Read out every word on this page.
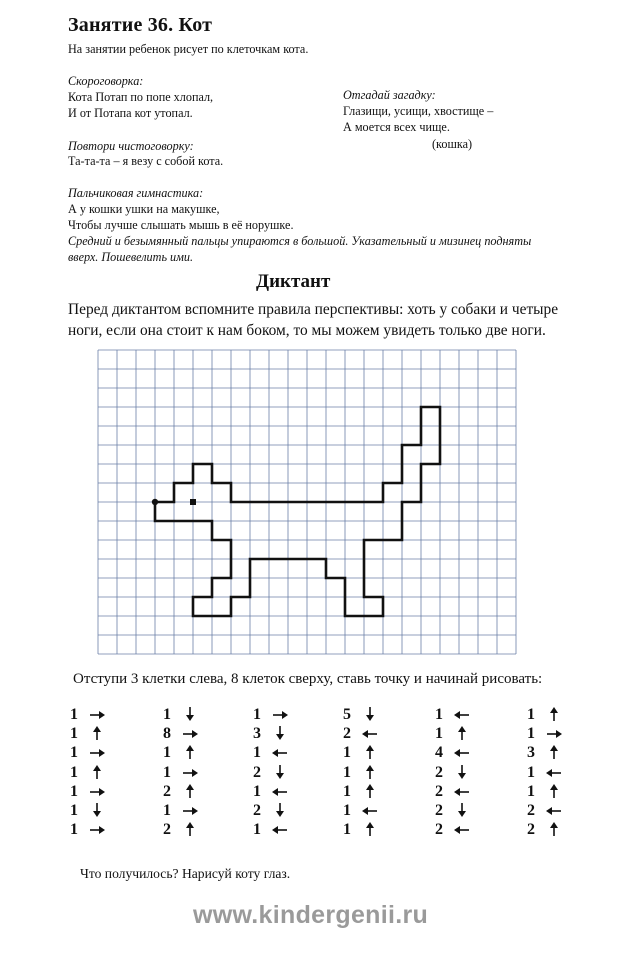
Занятие 36. Кот
На занятии ребенок рисует по клеточкам кота.
Скороговорка:
Кота Потап по попе хлопал,
И от Потапа кот утопал.
Отгадай загадку:
Глазищи, усищи, хвостище –
А моется всех чище.
(кошка)
Повтори чистоговорку:
Та-та-та – я везу с собой кота.
Пальчиковая гимнастика:
А у кошки ушки на макушке,
Чтобы лучше слышать мышь в её норушке.
Средний и безымянный пальцы упираются в большой. Указательный и мизинец подняты
вверх. Пошевелить ими.
Диктант
Перед диктантом вспомните правила перспективы: хоть у собаки и четыре
ноги, если она стоит к нам боком, то мы можем увидеть только две ноги.
Отступи 3 клетки слева, 8 клеток сверху, ставь точку и начинай рисовать:
1
1
1
1
1
1
1
1
8
1
1
2
1
2
1
3
1
2
1
2
1
5
2
1
1
1
1
1
1
1
4
2
2
2
2
1
1
3
1
1
2
2
Что получилось? Нарисуй коту глаз.
www.kindergenii.ru
